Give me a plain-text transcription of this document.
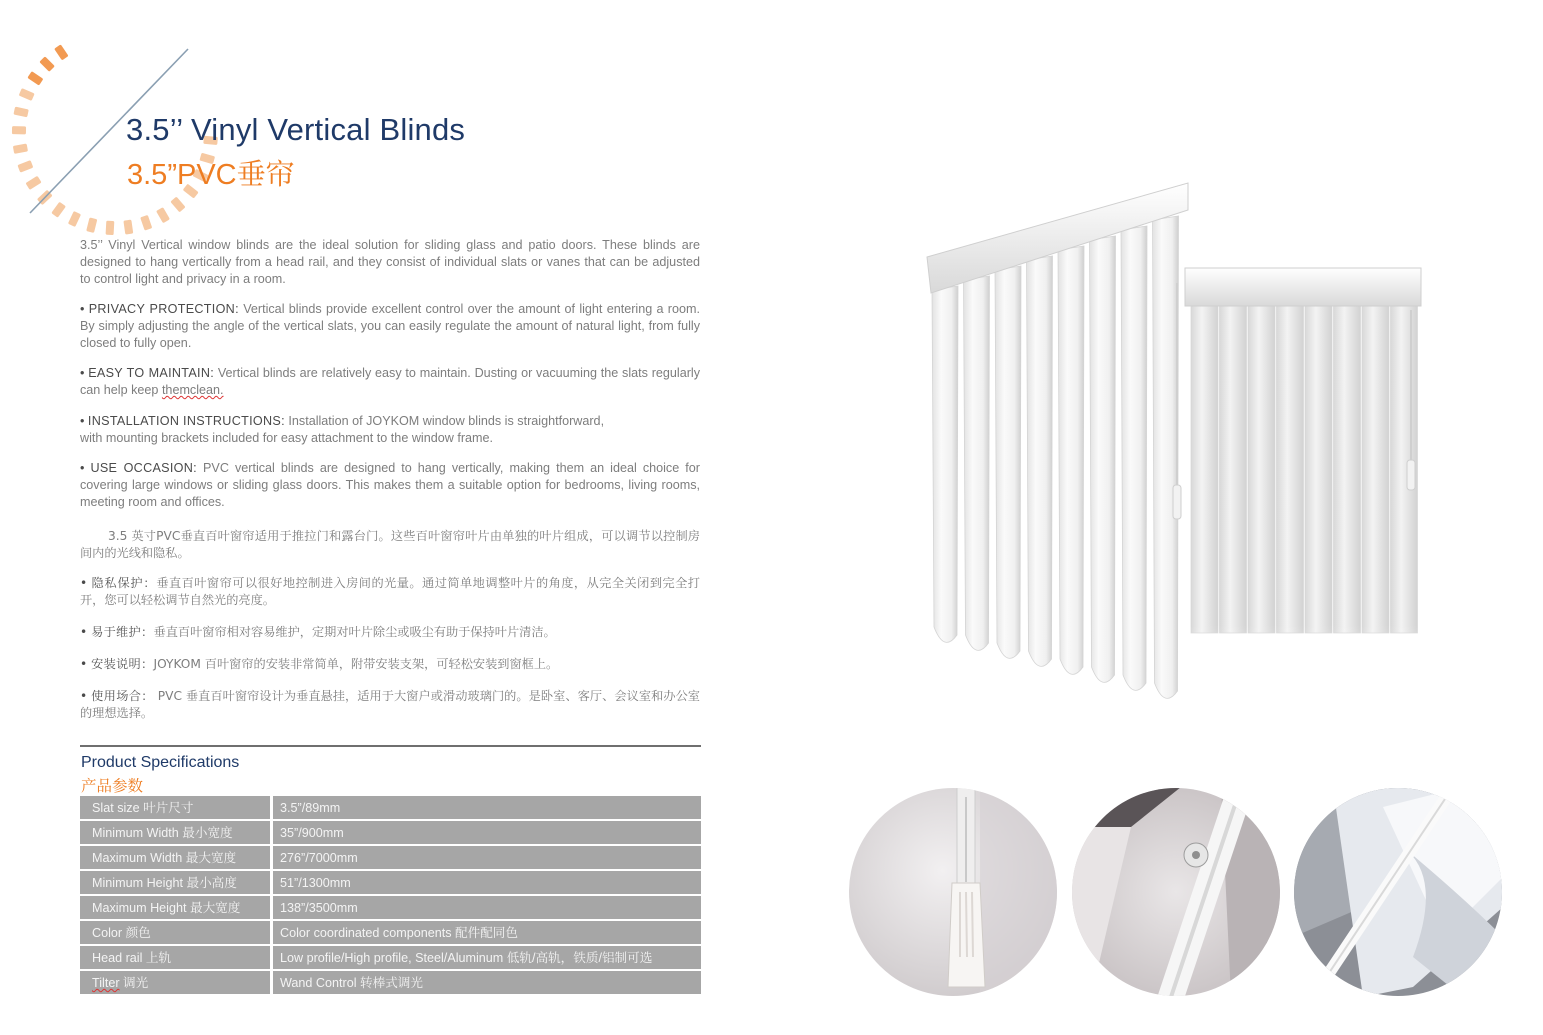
3.5’’ Vinyl Vertical Blinds
3.5”PVC垂帘
3.5’’ Vinyl Vertical window blinds are the ideal solution for sliding glass and patio doors. These blinds are designed to hang vertically from a head rail, and they consist of individual slats or vanes that can be adjusted to control light and privacy in a room.
• PRIVACY PROTECTION: Vertical blinds provide excellent control over the amount of light entering a room. By simply adjusting the angle of the vertical slats, you can easily regulate the amount of natural light, from fully closed to fully open.
• EASY TO MAINTAIN: Vertical blinds are relatively easy to maintain. Dusting or vacuuming the slats regularly can help keep themclean.
• INSTALLATION INSTRUCTIONS: Installation of JOYKOM window blinds is straightforward,
with mounting brackets included for easy attachment to the window frame.
• USE OCCASION: PVC vertical blinds are designed to hang vertically, making them an ideal choice for covering large windows or sliding glass doors. This makes them a suitable option for bedrooms, living rooms, meeting room and offices.
3.5 英寸PVC垂直百叶窗帘适用于推拉门和露台门。这些百叶窗帘叶片由单独的叶片组成，可以调节以控制房间内的光线和隐私。
• 隐私保护：垂直百叶窗帘可以很好地控制进入房间的光量。通过简单地调整叶片的角度，从完全关闭到完全打开，您可以轻松调节自然光的亮度。
• 易于维护：垂直百叶窗帘相对容易维护，定期对叶片除尘或吸尘有助于保持叶片清洁。
• 安装说明：JOYKOM 百叶窗帘的安装非常简单，附带安装支架，可轻松安装到窗框上。
• 使用场合： PVC 垂直百叶窗帘设计为垂直悬挂，适用于大窗户或滑动玻璃门的。是卧室、客厅、会议室和办公室的理想选择。
Product Specifications
产品参数
Slat size 叶片尺寸	3.5”/89mm
Minimum Width 最小宽度	35”/900mm
Maximum Width 最大宽度	276”/7000mm
Minimum Height 最小高度	51”/1300mm
Maximum Height 最大宽度	138”/3500mm
Color 颜色	Color coordinated components 配件配同色
Head rail 上轨	Low profile/High profile, Steel/Aluminum 低轨/高轨，铁质/铝制可选
Tilter 调光	Wand Control 转棒式调光
